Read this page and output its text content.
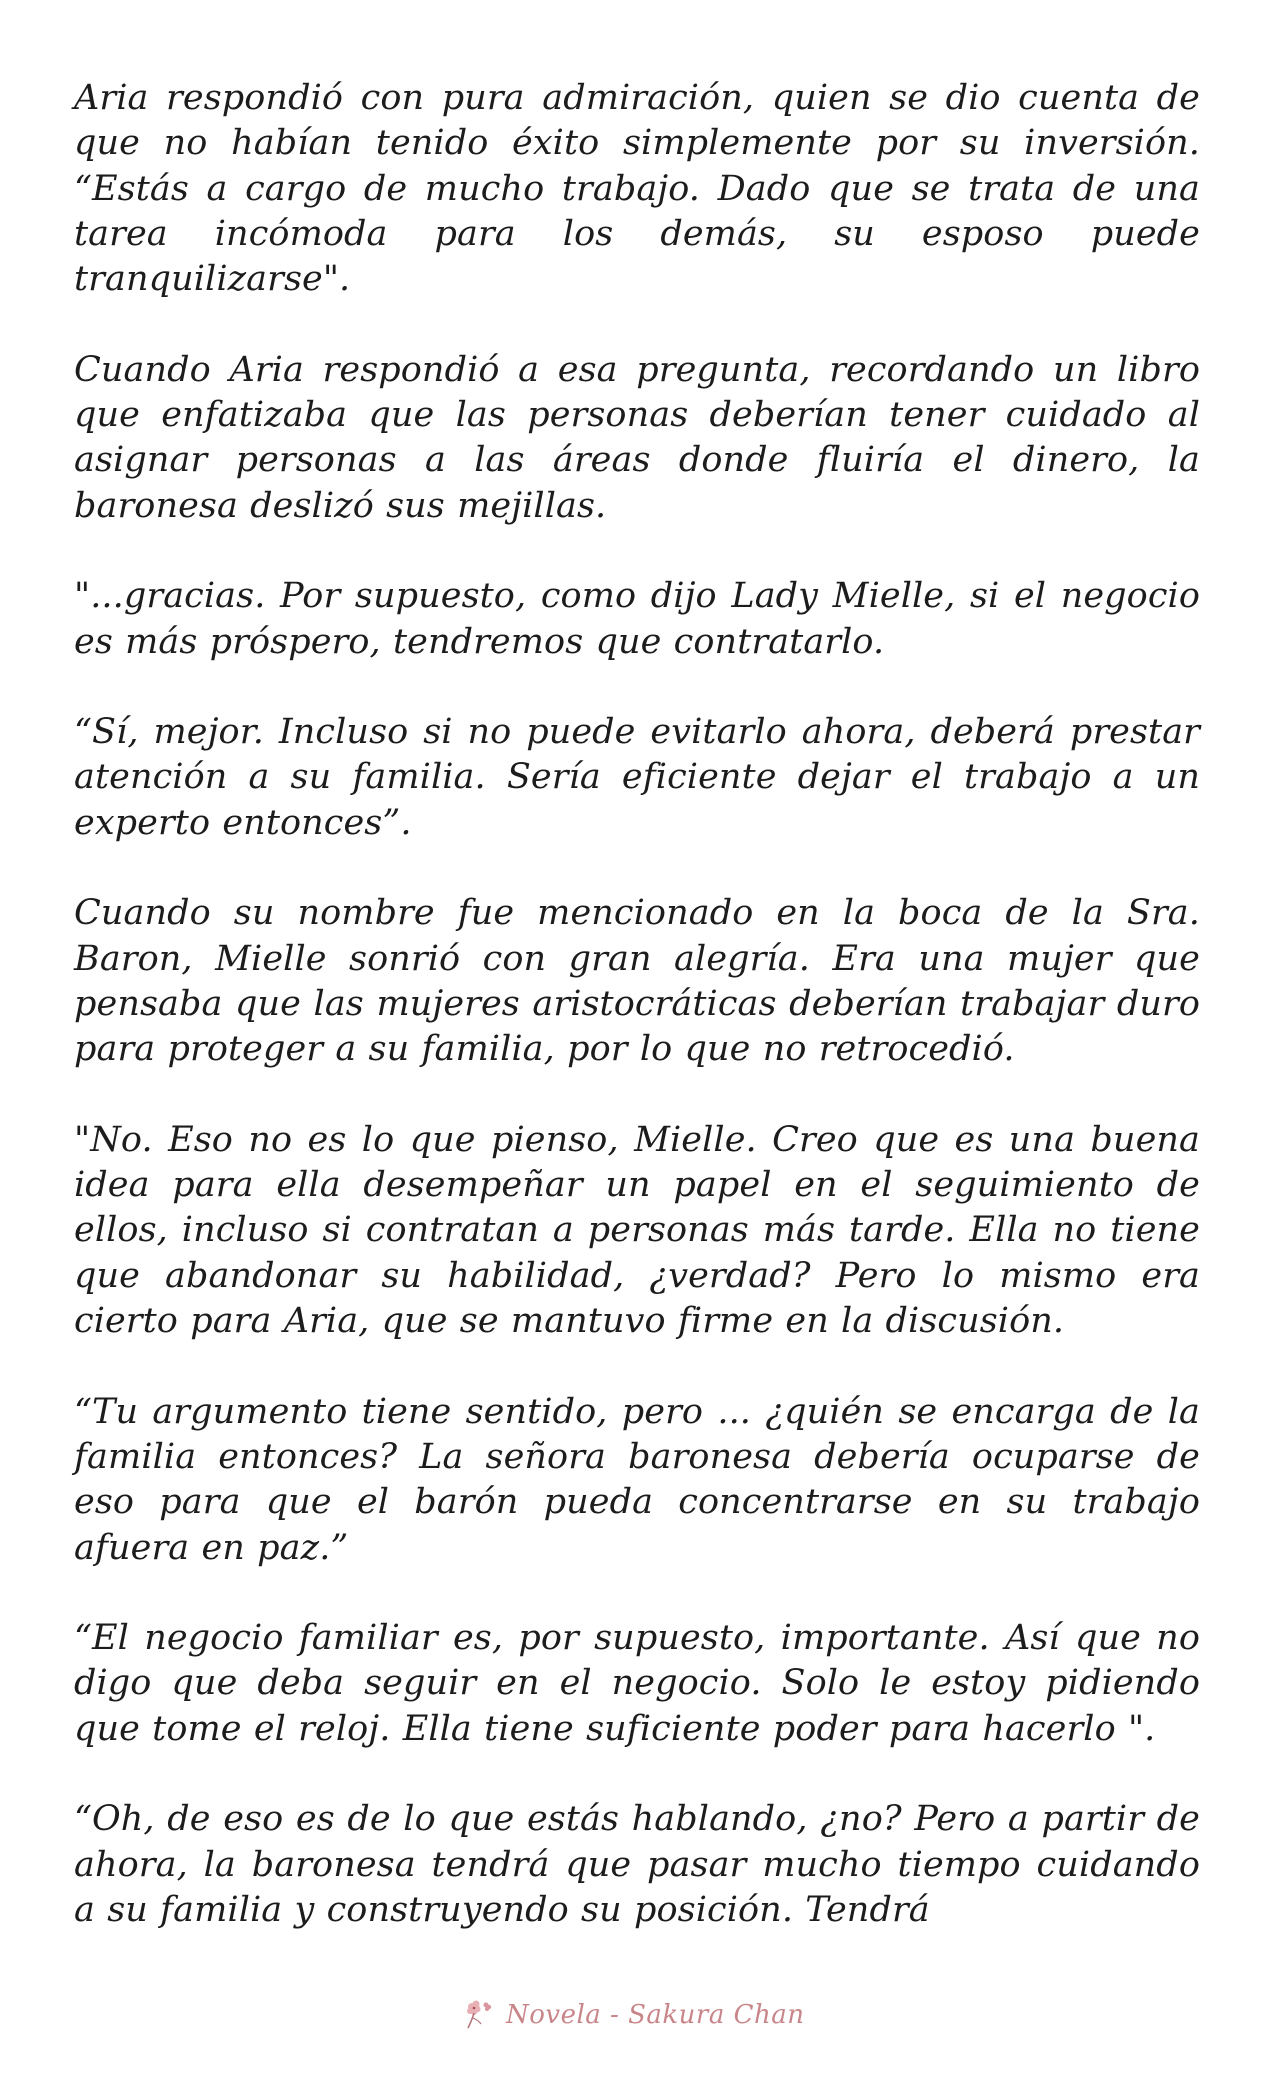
Aria respondió con pura admiración, quien se dio cuenta de que no habían tenido éxito simplemente por su inversión. “Estás a cargo de mucho trabajo. Dado que se trata de una tarea incómoda para los demás, su esposo puede tranquilizarse".

Cuando Aria respondió a esa pregunta, recordando un libro que enfatizaba que las personas deberían tener cuidado al asignar personas a las áreas donde fluiría el dinero, la baronesa deslizó sus mejillas.

"...gracias. Por supuesto, como dijo Lady Mielle, si el negocio es más próspero, tendremos que contratarlo.

“Sí, mejor. Incluso si no puede evitarlo ahora, deberá prestar atención a su familia. Sería eficiente dejar el trabajo a un experto entonces”.

Cuando su nombre fue mencionado en la boca de la Sra. Baron, Mielle sonrió con gran alegría. Era una mujer que pensaba que las mujeres aristocráticas deberían trabajar duro para proteger a su familia, por lo que no retrocedió.

"No. Eso no es lo que pienso, Mielle. Creo que es una buena idea para ella desempeñar un papel en el seguimiento de ellos, incluso si contratan a personas más tarde. Ella no tiene que abandonar su habilidad, ¿verdad? Pero lo mismo era cierto para Aria, que se mantuvo firme en la discusión.

“Tu argumento tiene sentido, pero ... ¿quién se encarga de la familia entonces? La señora baronesa debería ocuparse de eso para que el barón pueda concentrarse en su trabajo afuera en paz.”

“El negocio familiar es, por supuesto, importante. Así que no digo que deba seguir en el negocio. Solo le estoy pidiendo que tome el reloj. Ella tiene suficiente poder para hacerlo ".

“Oh, de eso es de lo que estás hablando, ¿no? Pero a partir de ahora, la baronesa tendrá que pasar mucho tiempo cuidando a su familia y construyendo su posición. Tendrá

Novela - Sakura Chan
